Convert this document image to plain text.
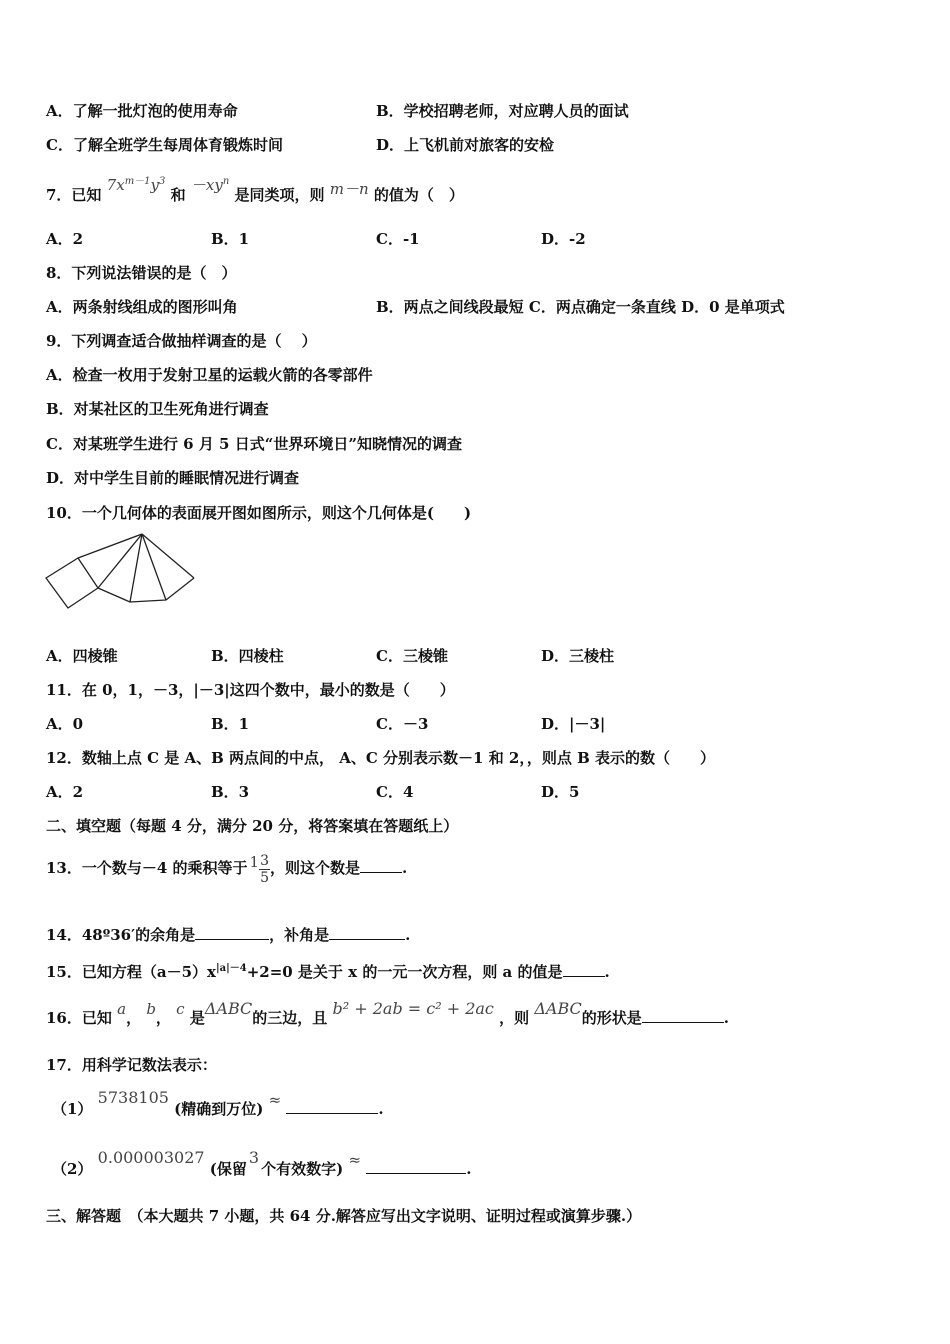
A．了解一批灯泡的使用寿命	B．学校招聘老师，对应聘人员的面试
C．了解全班学生每周体育锻炼时间	D．上飞机前对旅客的安检
7．已知 $7x^{m-1}y^3$ 和 $-xy^n$ 是同类项，则 m－n 的值为（　）
A．2	B．1	C．-1	D．-2
8．下列说法错误的是（　）
A．两条射线组成的图形叫角	B．两点之间线段最短 C．两点确定一条直线 D．0 是单项式
9．下列调查适合做抽样调查的是（　 ）
A．检查一枚用于发射卫星的运载火箭的各零部件
B．对某社区的卫生死角进行调查
C．对某班学生进行 6 月 5 日式“世界环境日”知晓情况的调查
D．对中学生目前的睡眠情况进行调查
10．一个几何体的表面展开图如图所示，则这个几何体是(　　)
A．四棱锥	B．四棱柱	C．三棱锥	D．三棱柱
11．在 0，1，－3，|－3|这四个数中，最小的数是（　　）
A．0	B．1	C．－3	D．|－3|
12．数轴上点 C 是 A、B 两点间的中点， A、C 分别表示数－1 和 2，，则点 B 表示的数（　　）
A．2	B．3	C．4	D．5
二、填空题（每题 4 分，满分 20 分，将答案填在答题纸上）
13．一个数与－4 的乘积等于 $1 \frac{3}{5}$ ，则这个数是	.
14．48º36′的余角是	，补角是	.
15．已知方程$(a-5)x^{|a|-4}+2=0$ 是关于 x 的一元一次方程，则 a 的值是	.
16．已知 a， b， c 是ΔABC的三边，且 b² + 2ab = c² + 2ac ，则 ΔABC的形状是	.
17．用科学记数法表示：
（1） 5738105 (精确到万位) ≈	.
（2） 0.000003027 (保留3个有效数字) ≈	.
三、解答题　（本大题共 7 小题，共 64 分.解答应写出文字说明、证明过程或演算步骤.）
